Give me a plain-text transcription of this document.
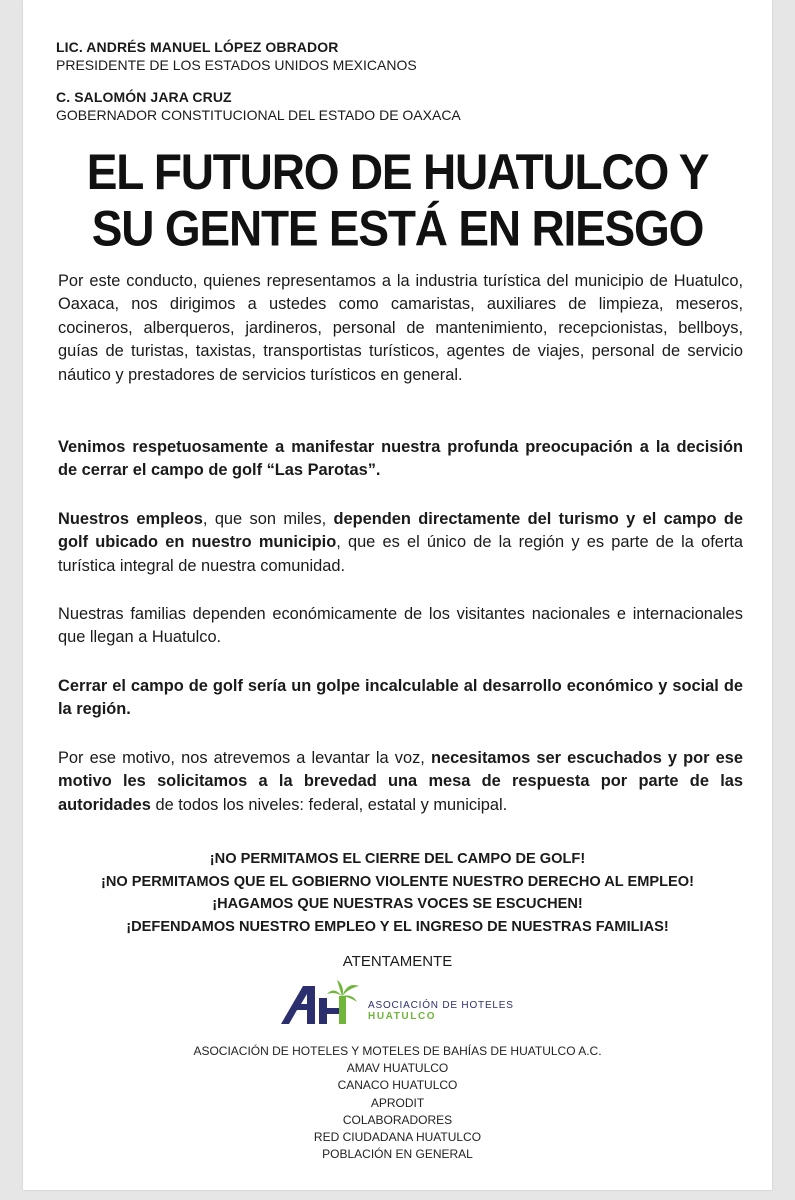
LIC. ANDRÉS MANUEL LÓPEZ OBRADOR
PRESIDENTE DE LOS ESTADOS UNIDOS MEXICANOS
C. SALOMÓN JARA CRUZ
GOBERNADOR CONSTITUCIONAL DEL ESTADO DE OAXACA
EL FUTURO DE HUATULCO Y
SU GENTE ESTÁ EN RIESGO
Por este conducto, quienes representamos a la industria turística del municipio de Huatulco, Oaxaca, nos dirigimos a ustedes como camaristas, auxiliares de limpieza, meseros, cocineros, alberqueros, jardineros, personal de mantenimiento, recepcionistas, bellboys, guías de turistas, taxistas, transportistas turísticos, agentes de viajes, personal de servicio náutico y prestadores de servicios turísticos en general.
Venimos respetuosamente a manifestar nuestra profunda preocupación a la decisión de cerrar el campo de golf “Las Parotas”.
Nuestros empleos, que son miles, dependen directamente del turismo y el campo de golf ubicado en nuestro municipio, que es el único de la región y es parte de la oferta turística integral de nuestra comunidad.
Nuestras familias dependen económicamente de los visitantes nacionales e internacionales que llegan a Huatulco.
Cerrar el campo de golf sería un golpe incalculable al desarrollo económico y social de la región.
Por ese motivo, nos atrevemos a levantar la voz, necesitamos ser escuchados y por ese motivo les solicitamos a la brevedad una mesa de respuesta por parte de las autoridades de todos los niveles: federal, estatal y municipal.
¡NO PERMITAMOS EL CIERRE DEL CAMPO DE GOLF!
¡NO PERMITAMOS QUE EL GOBIERNO VIOLENTE NUESTRO DERECHO AL EMPLEO!
¡HAGAMOS QUE NUESTRAS VOCES SE ESCUCHEN!
¡DEFENDAMOS NUESTRO EMPLEO Y EL INGRESO DE NUESTRAS FAMILIAS!
ATENTAMENTE
ASOCIACIÓN DE HOTELES
HUATULCO
ASOCIACIÓN DE HOTELES Y MOTELES DE BAHÍAS DE HUATULCO A.C.
AMAV HUATULCO
CANACO HUATULCO
APRODIT
COLABORADORES
RED CIUDADANA HUATULCO
POBLACIÓN EN GENERAL
